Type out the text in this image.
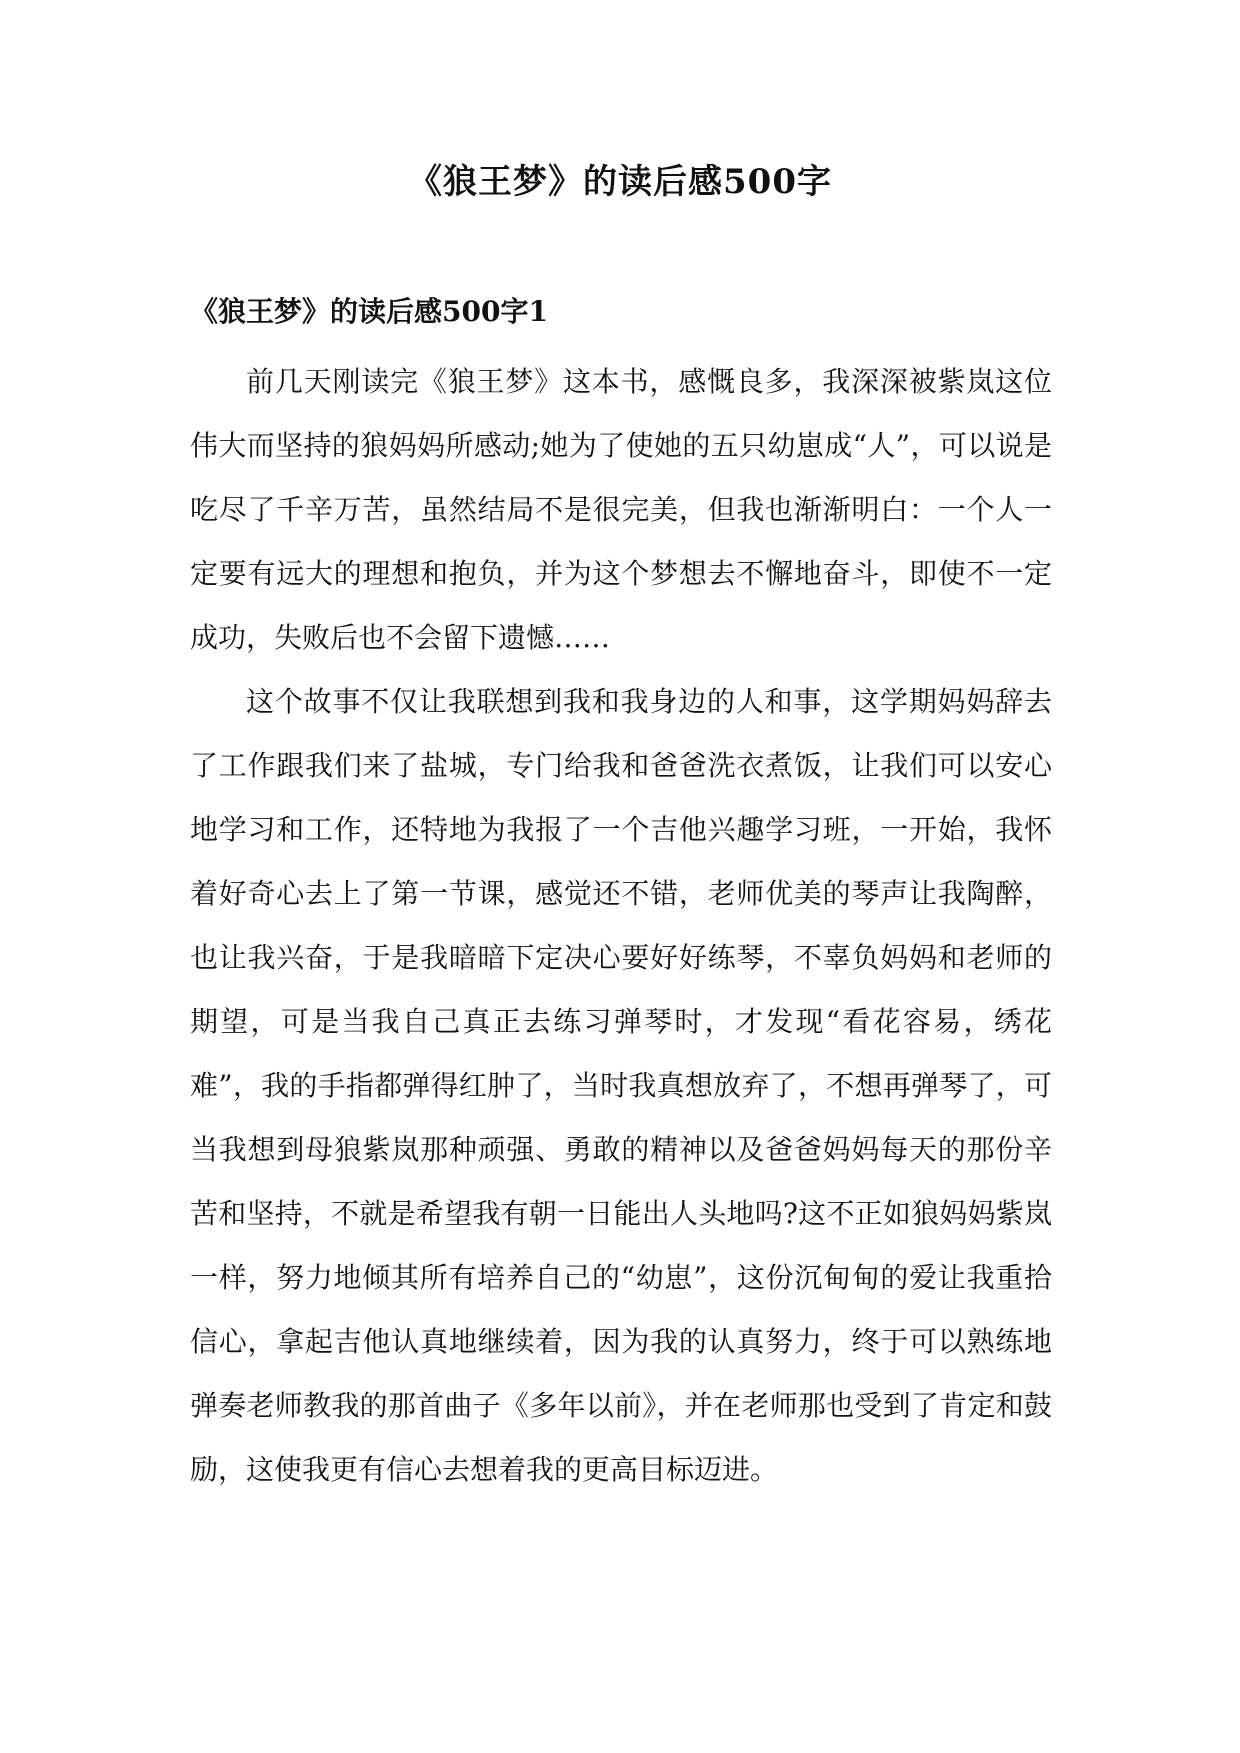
《狼王梦》的读后感500字
《狼王梦》的读后感500字1

前几天刚读完《狼王梦》这本书，感慨良多，我深深被紫岚这位伟大而坚持的狼妈妈所感动;她为了使她的五只幼崽成“人”，可以说是吃尽了千辛万苦，虽然结局不是很完美，但我也渐渐明白：一个人一定要有远大的理想和抱负，并为这个梦想去不懈地奋斗，即使不一定成功，失败后也不会留下遗憾……

这个故事不仅让我联想到我和我身边的人和事，这学期妈妈辞去了工作跟我们来了盐城，专门给我和爸爸洗衣煮饭，让我们可以安心地学习和工作，还特地为我报了一个吉他兴趣学习班，一开始，我怀着好奇心去上了第一节课，感觉还不错，老师优美的琴声让我陶醉，也让我兴奋，于是我暗暗下定决心要好好练琴，不辜负妈妈和老师的期望，可是当我自己真正去练习弹琴时，才发现“看花容易，绣花难”，我的手指都弹得红肿了，当时我真想放弃了，不想再弹琴了，可当我想到母狼紫岚那种顽强、勇敢的精神以及爸爸妈妈每天的那份辛苦和坚持，不就是希望我有朝一日能出人头地吗?这不正如狼妈妈紫岚一样，努力地倾其所有培养自己的“幼崽”，这份沉甸甸的爱让我重拾信心，拿起吉他认真地继续着，因为我的认真努力，终于可以熟练地弹奏老师教我的那首曲子《多年以前》，并在老师那也受到了肯定和鼓励，这使我更有信心去想着我的更高目标迈进。
